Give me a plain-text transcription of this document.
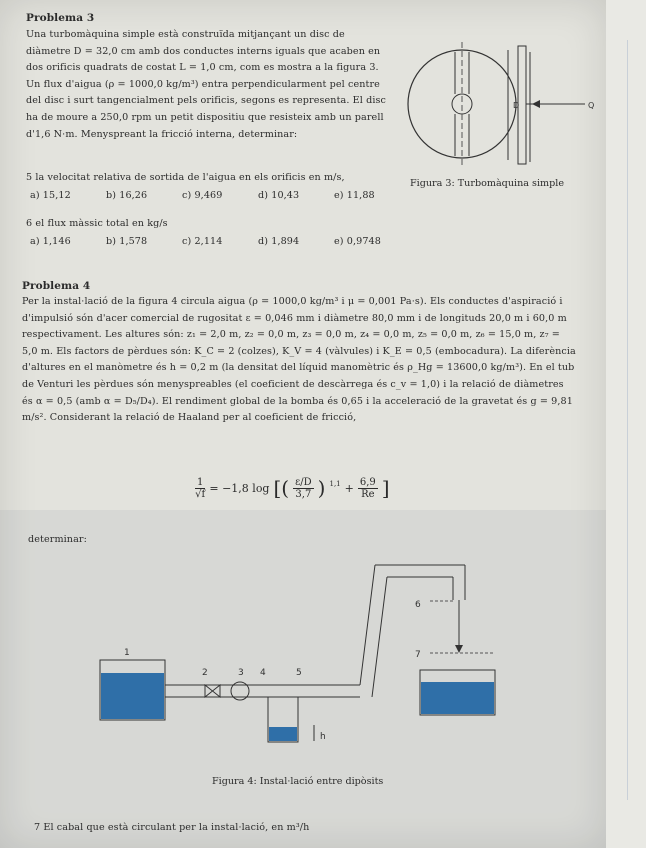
Problema 3
Una turbomàquina simple està construïda mitjançant un disc de diàmetre D = 32,0 cm amb dos conductes interns iguals que acaben en dos orificis quadrats de costat L = 1,0 cm, com es mostra a la figura 3. Un flux d'aigua (ρ = 1000,0 kg/m³) entra perpendicularment pel centre del disc i surt tangencialment pels orificis, segons es representa. El disc ha de moure a 250,0 rpm un petit dispositiu que resisteix amb un parell d'1,6 N·m. Menyspreant la fricció interna, determinar:
5 la velocitat relativa de sortida de l'aigua en els orificis en m/s,
a) 15,12	b) 16,26	c) 9,469	d) 10,43	e) 11,88
6 el flux màssic total en kg/s
a) 1,146	b) 1,578	c) 2,114	d) 1,894	e) 0,9748
D	Q
Figura 3: Turbomàquina simple
Problema 4
Per la instal·lació de la figura 4 circula aigua (ρ = 1000,0 kg/m³ i μ = 0,001 Pa·s). Els conductes d'aspiració i d'impulsió són d'acer comercial de rugositat ε = 0,046 mm i diàmetre 80,0 mm i de longituds 20,0 m i 60,0 m respectivament. Les altures són: z₁ = 2,0 m, z₂ = 0,0 m, z₃ = 0,0 m, z₄ = 0,0 m, z₅ = 0,0 m, z₆ = 15,0 m, z₇ = 5,0 m. Els factors de pèrdues són: K_C = 2 (colzes), K_V = 4 (vàlvules) i K_E = 0,5 (embocadura). La diferència d'altures en el manòmetre és h = 0,2 m (la densitat del líquid manomètric és ρ_Hg = 13600,0 kg/m³). En el tub de Venturi les pèrdues són menyspreables (el coeficient de descàrrega és c_v = 1,0) i la relació de diàmetres és α = 0,5 (amb α = D₅/D₄). El rendiment global de la bomba és 0,65 i la acceleració de la gravetat és g = 9,81 m/s². Considerant la relació de Haaland per al coeficient de fricció,
$\frac{1}{√f} = -1,8$ log [( $\frac{\varepsilon/D}{3,7}$ ) $^{1,1} + \frac{6,9}{Re}$ ]
determinar:
1
2	3 4	5
h
6
7
Figura 4: Instal·lació entre dipòsits
7 El cabal que està circulant per la instal·lació, en m³/h
